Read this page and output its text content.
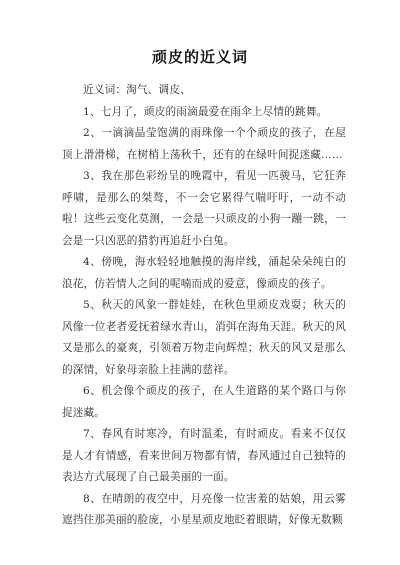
顽皮的近义词

近义词：淘气、调皮、

1、七月了，顽皮的雨滴最爱在雨伞上尽情的跳舞。

2、一滴滴晶莹饱满的雨珠像一个个顽皮的孩子，在屋顶上滑滑梯，在树梢上荡秋千，还有的在绿叶间捉迷藏……

3、我在那色彩纷呈的晚霞中，看见一匹骏马，它狂奔呼啸，是那么的桀骜，不一会它累得气喘吁吁，一动不动啦！这些云变化莫测，一会是一只顽皮的小狗一蹦一跳，一会是一只凶恶的猎豹再追赶小白兔。

4、傍晚，海水轻轻地触摸的海岸线，涌起朵朵纯白的浪花，仿若情人之间的呢喃而成的爱意，像顽皮的孩子。

5、秋天的风象一群娃娃，在秋色里顽皮戏耍；秋天的风像一位老者爱抚着绿水青山，消弭在海角天涯。秋天的风又是那么的豪爽，引领着万物走向辉煌；秋天的风又是那么的深情，好象母亲脸上挂满的慈祥。

6、机会像个顽皮的孩子，在人生道路的某个路口与你捉迷藏。

7、春风有时寒冷，有时温柔，有时顽皮。看来不仅仅是人才有情感，看来世间万物都有情，春风通过自己独特的表达方式展现了自己最美丽的一面。

8、在晴朗的夜空中，月亮像一位害羞的姑娘，用云雾遮挡住那美丽的脸庞，小星星顽皮地眨着眼睛，好像无数颗
